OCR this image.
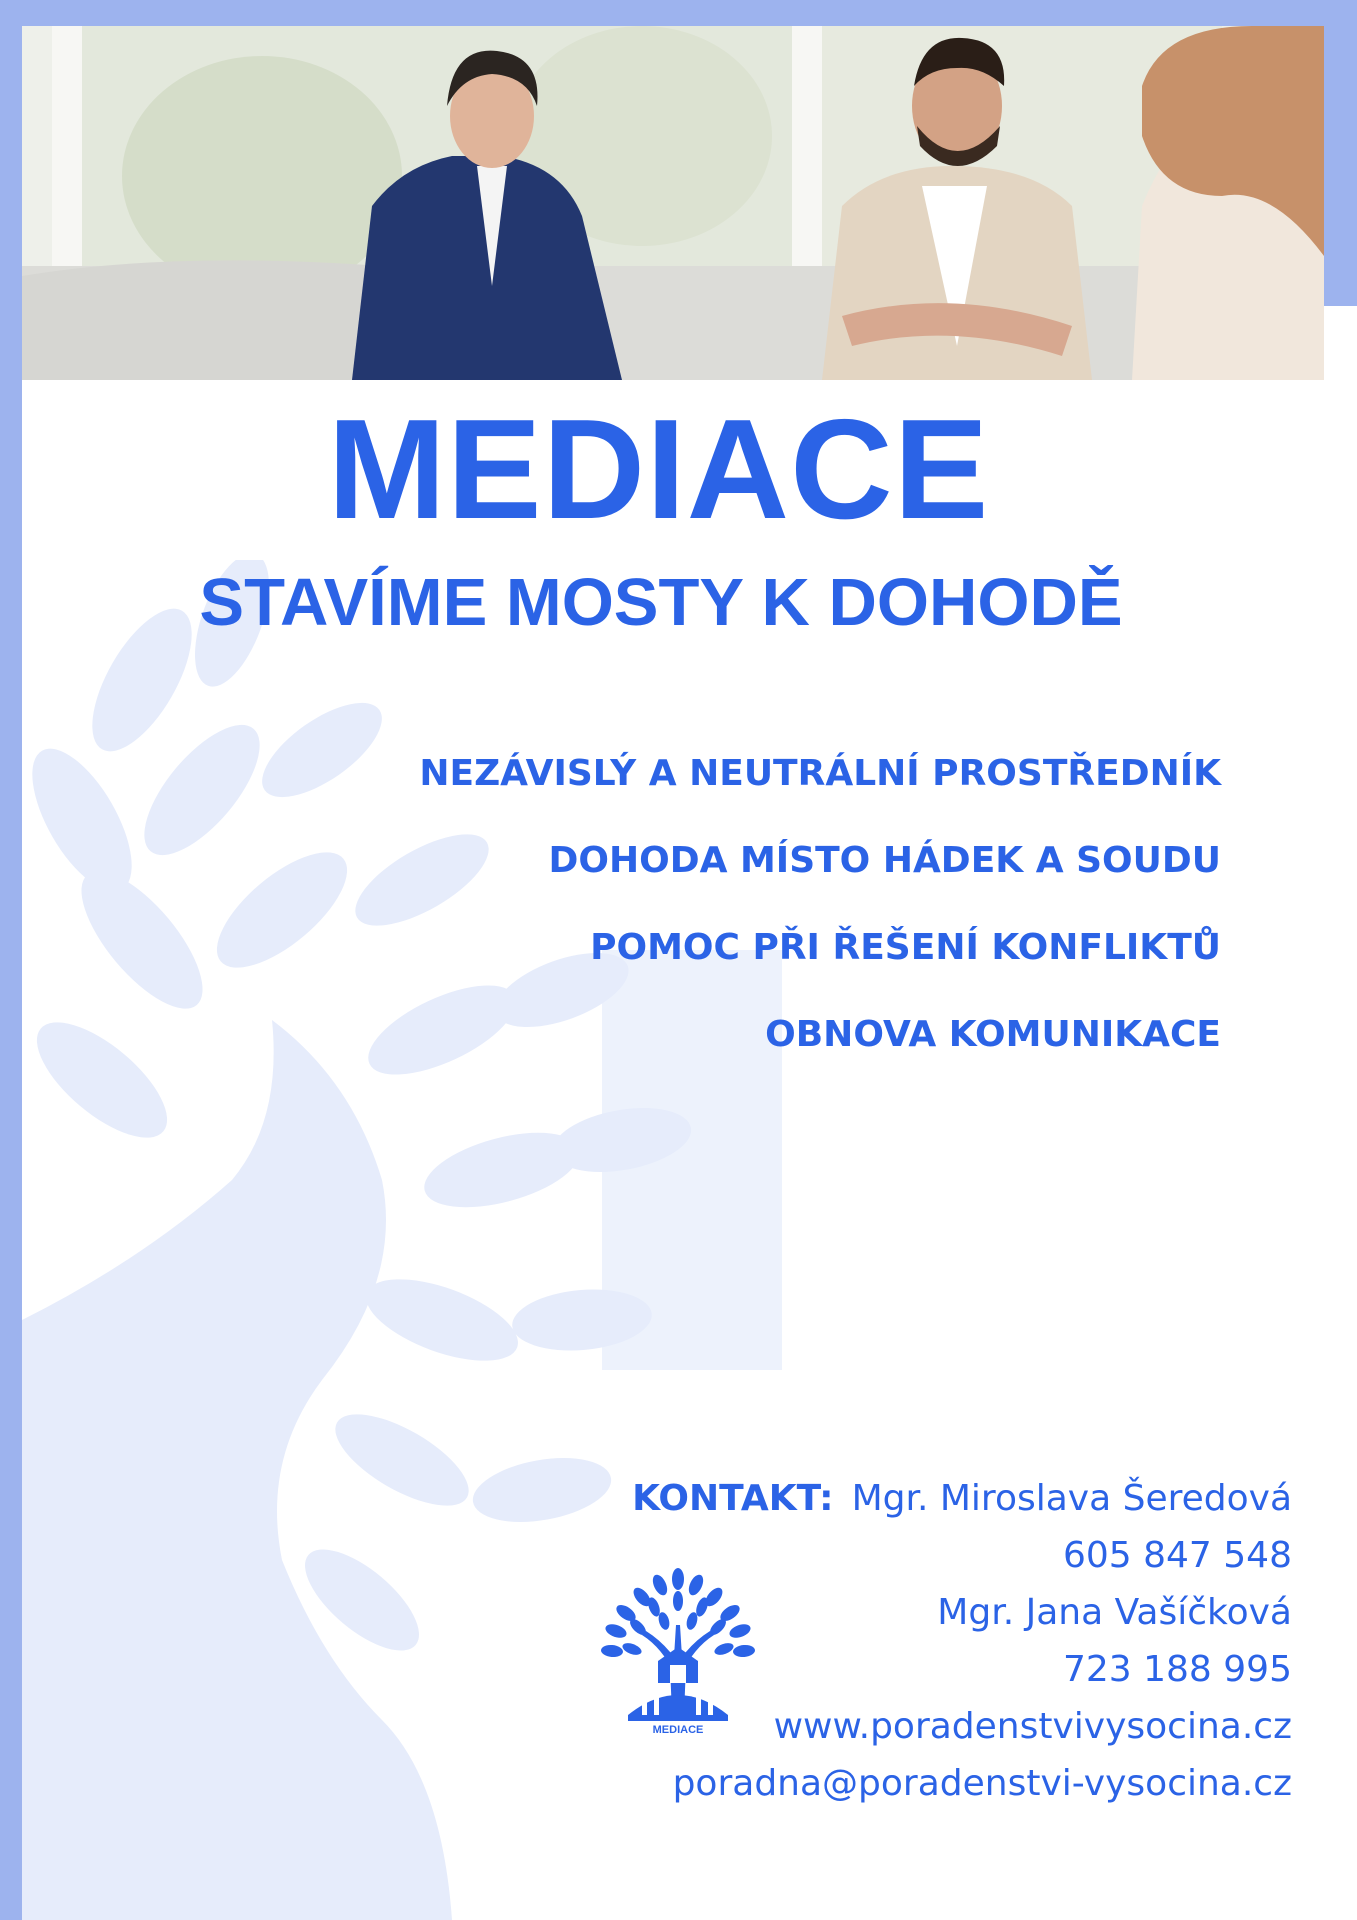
MEDIACE
STAVÍME MOSTY K DOHODĚ
NEZÁVISLÝ A NEUTRÁLNÍ PROSTŘEDNÍK
DOHODA MÍSTO HÁDEK A SOUDU
POMOC PŘI ŘEŠENÍ KONFLIKTŮ
OBNOVA KOMUNIKACE
KONTAKT: Mgr. Miroslava Šeredová
605 847 548
Mgr. Jana Vašíčková
723 188 995
www.poradenstvivysocina.cz
poradna@poradenstvi-vysocina.cz
MEDIACE
